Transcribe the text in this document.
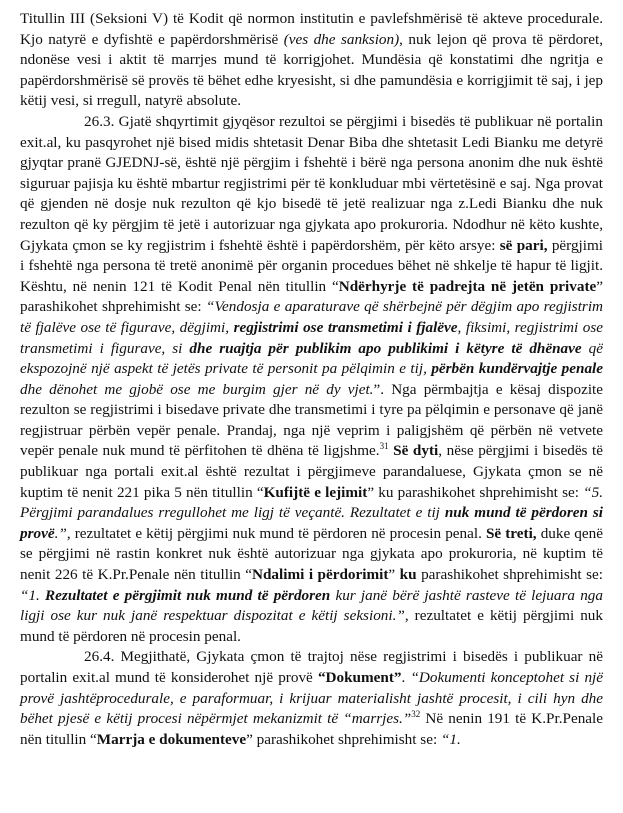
Titullin III (Seksioni V) të Kodit që normon institutin e pavlefshmërisë të akteve procedurale. Kjo natyrë e dyfishtë e papërdorshmërisë (ves dhe sanksion), nuk lejon që prova të përdoret, ndonëse vesi i aktit të marrjes mund të korrigjohet. Mundësia që konstatimi dhe ngritja e papërdorshmërisë së provës të bëhet edhe kryesisht, si dhe pamundësia e korrigjimit të saj, i jep këtij vesi, si rregull, natyrë absolute.

26.3. Gjatë shqyrtimit gjyqësor rezultoi se përgjimi i bisedës të publikuar në portalin exit.al, ku pasqyrohet një bised midis shtetasit Denar Biba dhe shtetasit Ledi Bianku me detyrë gjyqtar pranë GJEDNJ-së, është një përgjim i fshehtë i bërë nga persona anonim dhe nuk është siguruar pajisja ku është mbartur regjistrimi për të konkluduar mbi vërtetësinë e saj. Nga provat që gjenden në dosje nuk rezulton që kjo bisedë të jetë realizuar nga z.Ledi Bianku dhe nuk rezulton që ky përgjim të jetë i autorizuar nga gjykata apo prokuroria. Ndodhur në këto kushte, Gjykata çmon se ky regjistrim i fshehtë është i papërdorshëm, për këto arsye: së pari, përgjimi i fshehtë nga persona të tretë anonimë për organin procedues bëhet në shkelje të hapur të ligjit. Kështu, në nenin 121 të Kodit Penal nën titullin “Ndërhyrje të padrejta në jetën private” parashikohet shprehimisht se: “Vendosja e aparaturave që shërbejnë për dëgjim apo regjistrim të fjalëve ose të figurave, dëgjimi, regjistrimi ose transmetimi i fjalëve, fiksimi, regjistrimi ose transmetimi i figurave, si dhe ruajtja për publikim apo publikimi i këtyre të dhënave që ekspozojnë një aspekt të jetës private të personit pa pëlqimin e tij, përbën kundërvajtje penale dhe dënohet me gjobë ose me burgim gjer në dy vjet.”. Nga përmbajtja e kësaj dispozite rezulton se regjistrimi i bisedave private dhe transmetimi i tyre pa pëlqimin e personave që janë regjistruar përbën vepër penale. Prandaj, nga një veprim i paligjshëm që përbën në vetvete vepër penale nuk mund të përfitohen të dhëna të ligjshme.$^{31}$ Së dyti, nëse përgjimi i bisedës të publikuar nga portali exit.al është rezultat i përgjimeve parandaluese, Gjykata çmon se në kuptim të nenit 221 pika 5 nën titullin “Kufijtë e lejimit” ku parashikohet shprehimisht se: “5. Përgjimi parandalues rregullohet me ligj të veçantë. Rezultatet e tij nuk mund të përdoren si provë.”, rezultatet e këtij përgjimi nuk mund të përdoren në procesin penal. Së treti, duke qenë se përgjimi në rastin konkret nuk është autorizuar nga gjykata apo prokuroria, në kuptim të nenit 226 të K.Pr.Penale nën titullin “Ndalimi i përdorimit” ku parashikohet shprehimisht se: “1. Rezultatet e përgjimit nuk mund të përdoren kur janë bërë jashtë rasteve të lejuara nga ligji ose kur nuk janë respektuar dispozitat e këtij seksioni.”, rezultatet e këtij përgjimi nuk mund të përdoren në procesin penal.

26.4. Megjithatë, Gjykata çmon të trajtoj nëse regjistrimi i bisedës i publikuar në portalin exit.al mund të konsiderohet një provë “Dokument”. “Dokumenti konceptohet si një provë jashtëprocedurale, e paraformuar, i krijuar materialisht jashtë procesit, i cili hyn dhe bëhet pjesë e këtij procesi nëpërmjet mekanizmit të “marrjes.”$^{32}$ Në nenin 191 të K.Pr.Penale nën titullin “Marrja e dokumenteve” parashikohet shprehimisht se: “1.
